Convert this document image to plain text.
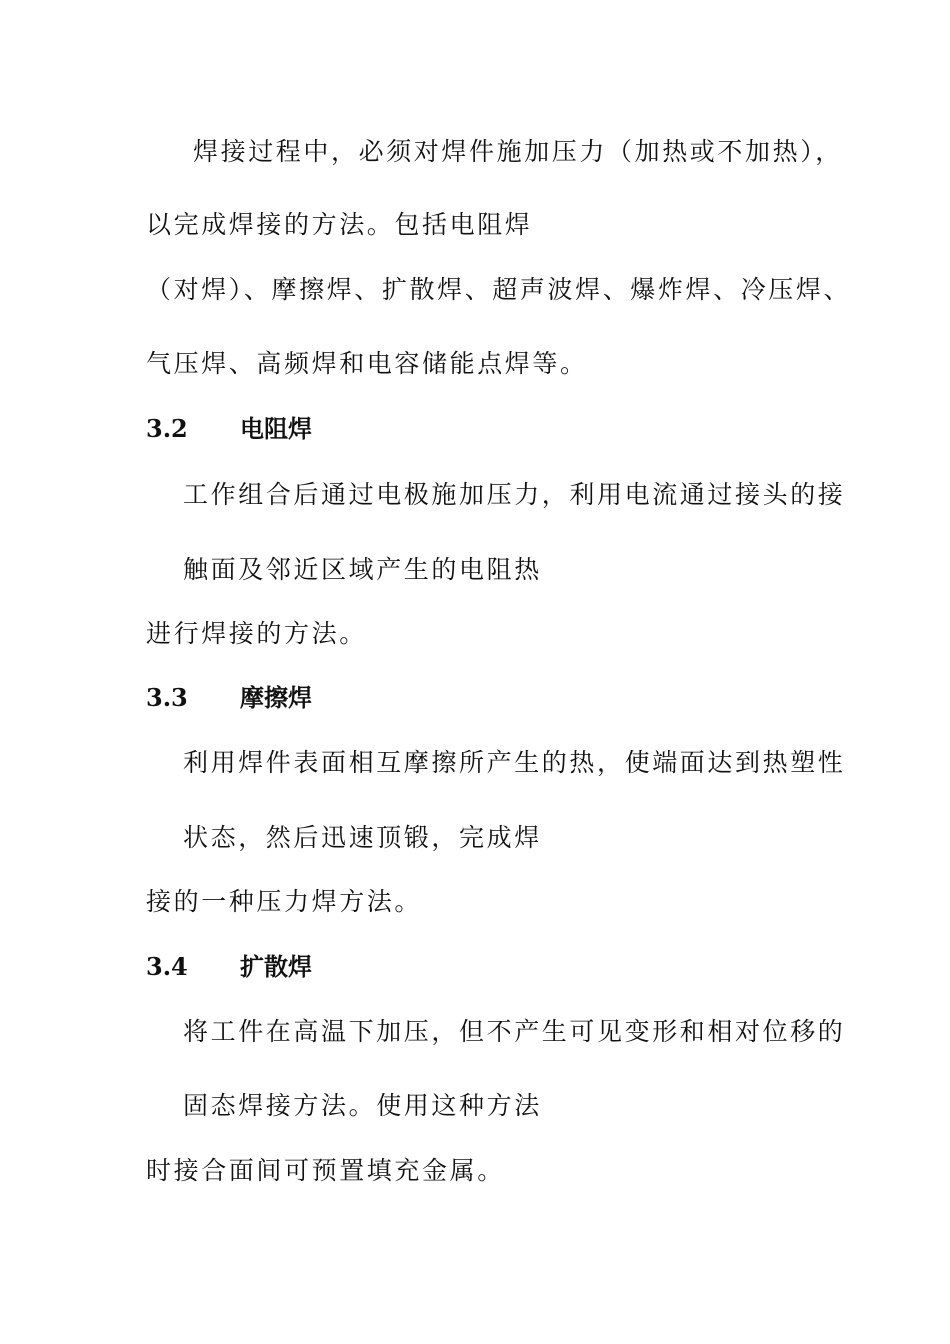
焊接过程中，必须对焊件施加压力（加热或不加热），
以完成焊接的方法。包括电阻焊
（对焊）、摩擦焊、扩散焊、超声波焊、爆炸焊、冷压焊、
气压焊、高频焊和电容储能点焊等。
3.2 电阻焊
工作组合后通过电极施加压力，利用电流通过接头的接
触面及邻近区域产生的电阻热
进行焊接的方法。
3.3 摩擦焊
利用焊件表面相互摩擦所产生的热，使端面达到热塑性
状态，然后迅速顶锻，完成焊
接的一种压力焊方法。
3.4 扩散焊
将工件在高温下加压，但不产生可见变形和相对位移的
固态焊接方法。使用这种方法
时接合面间可预置填充金属。
